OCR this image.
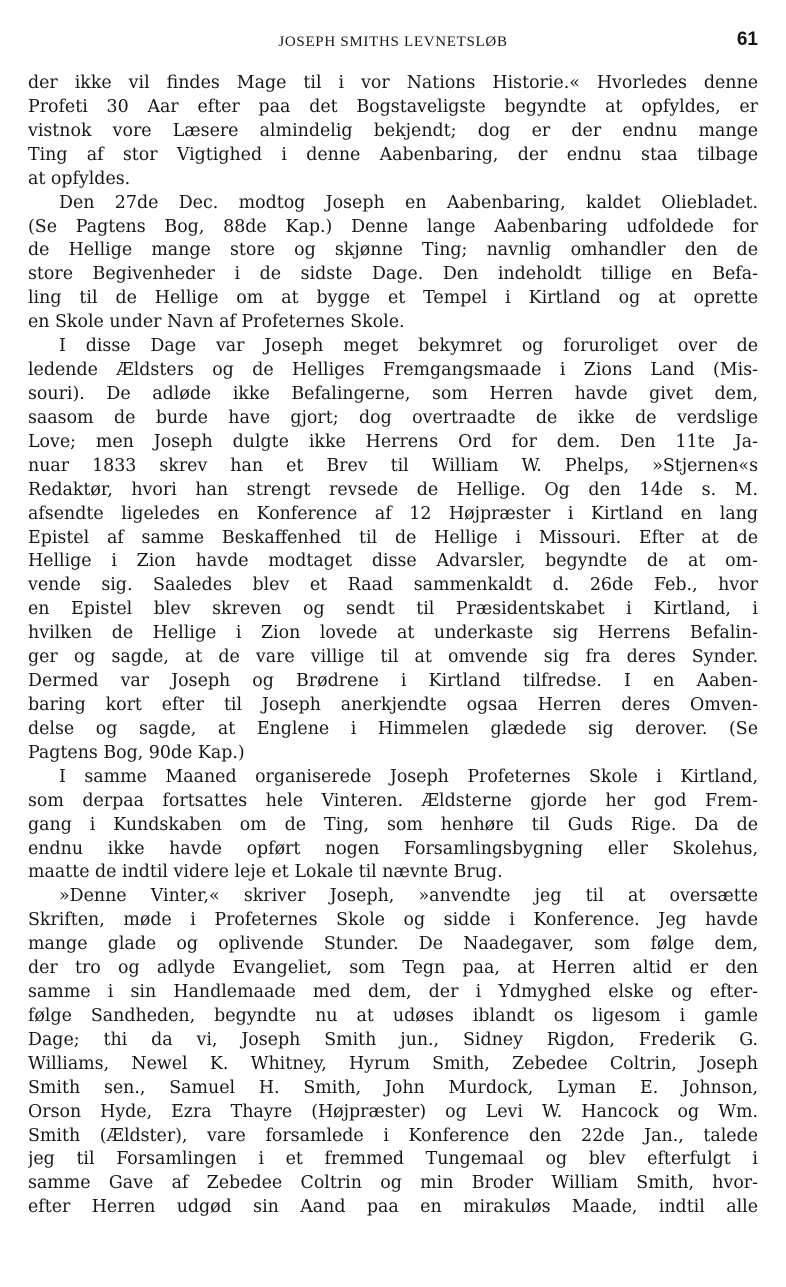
JOSEPH SMITHS LEVNETSLØB	61
der ikke vil findes Mage til i vor Nations Historie.« Hvorledes denne
Profeti 30 Aar efter paa det Bogstaveligste begyndte at opfyldes, er
vistnok vore Læsere almindelig bekjendt; dog er der endnu mange
Ting af stor Vigtighed i denne Aabenbaring, der endnu staa tilbage
at opfyldes.
Den 27de Dec. modtog Joseph en Aabenbaring, kaldet Oliebladet.
(Se Pagtens Bog, 88de Kap.) Denne lange Aabenbaring udfoldede for
de Hellige mange store og skjønne Ting; navnlig omhandler den de
store Begivenheder i de sidste Dage. Den indeholdt tillige en Befa-
ling til de Hellige om at bygge et Tempel i Kirtland og at oprette
en Skole under Navn af Profeternes Skole.
I disse Dage var Joseph meget bekymret og foruroliget over de
ledende Ældsters og de Helliges Fremgangsmaade i Zions Land (Mis-
souri). De adløde ikke Befalingerne, som Herren havde givet dem,
saasom de burde have gjort; dog overtraadte de ikke de verdslige
Love; men Joseph dulgte ikke Herrens Ord for dem. Den 11te Ja-
nuar 1833 skrev han et Brev til William W. Phelps, »Stjernen«s
Redaktør, hvori han strengt revsede de Hellige. Og den 14de s. M.
afsendte ligeledes en Konference af 12 Højpræster i Kirtland en lang
Epistel af samme Beskaffenhed til de Hellige i Missouri. Efter at de
Hellige i Zion havde modtaget disse Advarsler, begyndte de at om-
vende sig. Saaledes blev et Raad sammenkaldt d. 26de Feb., hvor
en Epistel blev skreven og sendt til Præsidentskabet i Kirtland, i
hvilken de Hellige i Zion lovede at underkaste sig Herrens Befalin-
ger og sagde, at de vare villige til at omvende sig fra deres Synder.
Dermed var Joseph og Brødrene i Kirtland tilfredse. I en Aaben-
baring kort efter til Joseph anerkjendte ogsaa Herren deres Omven-
delse og sagde, at Englene i Himmelen glædede sig derover. (Se
Pagtens Bog, 90de Kap.)
I samme Maaned organiserede Joseph Profeternes Skole i Kirtland,
som derpaa fortsattes hele Vinteren. Ældsterne gjorde her god Frem-
gang i Kundskaben om de Ting, som henhøre til Guds Rige. Da de
endnu ikke havde opført nogen Forsamlingsbygning eller Skolehus,
maatte de indtil videre leje et Lokale til nævnte Brug.
»Denne Vinter,« skriver Joseph, »anvendte jeg til at oversætte
Skriften, møde i Profeternes Skole og sidde i Konference. Jeg havde
mange glade og oplivende Stunder. De Naadegaver, som følge dem,
der tro og adlyde Evangeliet, som Tegn paa, at Herren altid er den
samme i sin Handlemaade med dem, der i Ydmyghed elske og efter-
følge Sandheden, begyndte nu at udøses iblandt os ligesom i gamle
Dage; thi da vi, Joseph Smith jun., Sidney Rigdon, Frederik G.
Williams, Newel K. Whitney, Hyrum Smith, Zebedee Coltrin, Joseph
Smith sen., Samuel H. Smith, John Murdock, Lyman E. Johnson,
Orson Hyde, Ezra Thayre (Højpræster) og Levi W. Hancock og Wm.
Smith (Ældster), vare forsamlede i Konference den 22de Jan., talede
jeg til Forsamlingen i et fremmed Tungemaal og blev efterfulgt i
samme Gave af Zebedee Coltrin og min Broder William Smith, hvor-
efter Herren udgød sin Aand paa en mirakuløs Maade, indtil alle
